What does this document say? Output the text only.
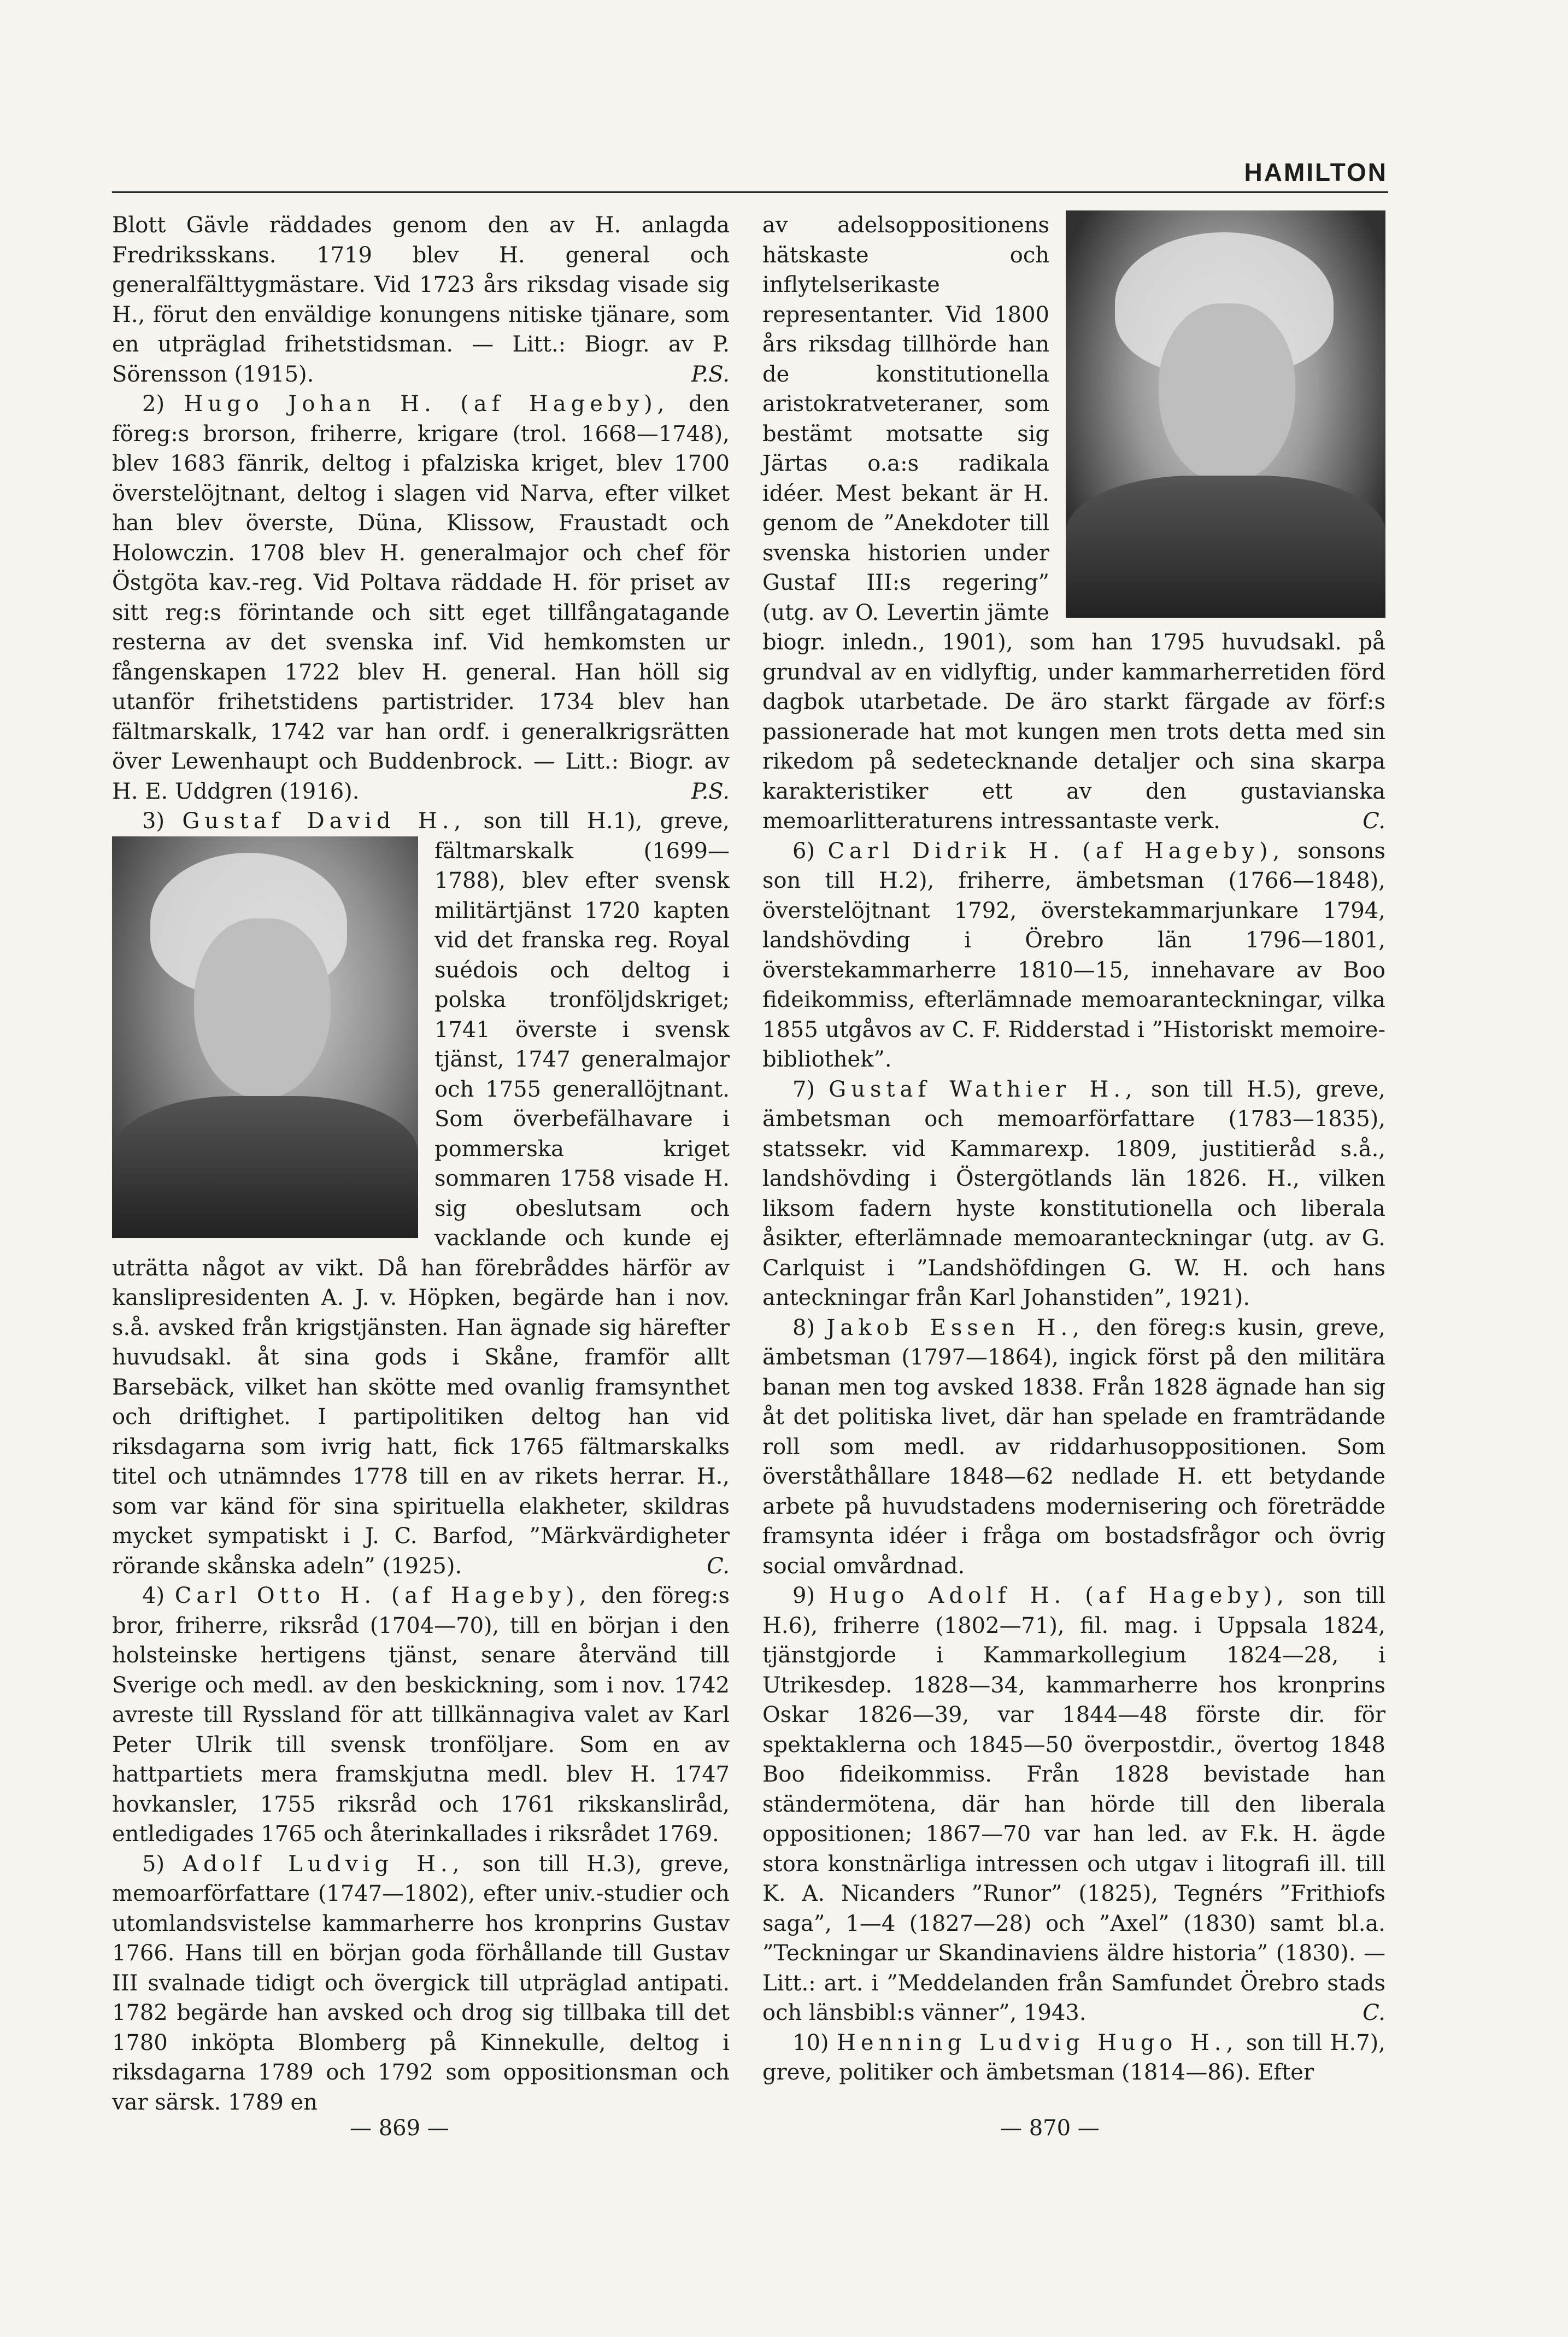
HAMILTON

Blott Gävle räddades genom den av H. anlagda Fredriksskans. 1719 blev H. general och generalfälttygmästare. Vid 1723 års riksdag visade sig H., förut den enväldige konungens nitiske tjänare, som en utpräglad frihetstidsman. — Litt.: Biogr. av P. Sörensson (1915).	P.S.

2) Hugo Johan H. (af Hageby), den föreg:s brorson, friherre, krigare (trol. 1668—1748), blev 1683 fänrik, deltog i pfalziska kriget, blev 1700 överstelöjtnant, deltog i slagen vid Narva, efter vilket han blev överste, Düna, Klissow, Fraustadt och Holowczin. 1708 blev H. generalmajor och chef för Östgöta kav.-reg. Vid Poltava räddade H. för priset av sitt reg:s förintande och sitt eget tillfångatagande resterna av det svenska inf. Vid hemkomsten ur fångenskapen 1722 blev H. general. Han höll sig utanför frihetstidens partistrider. 1734 blev han fältmarskalk, 1742 var han ordf. i generalkrigsrätten över Lewenhaupt och Buddenbrock. — Litt.: Biogr. av H. E. Uddgren (1916).	P.S.

3) Gustaf David H., son till H.1), greve, fältmarskalk (1699—1788), blev efter svensk militärtjänst 1720 kapten vid det franska reg. Royal suédois och deltog i polska tronföljdskriget; 1741 överste i svensk tjänst, 1747 generalmajor och 1755 generallöjtnant. Som överbefälhavare i pommerska kriget sommaren 1758 visade H. sig obeslutsam och vacklande och kunde ej uträtta något av vikt. Då han förebråddes härför av kanslipresidenten A. J. v. Höpken, begärde han i nov. s.å. avsked från krigstjänsten. Han ägnade sig härefter huvudsakl. åt sina gods i Skåne, framför allt Barsebäck, vilket han skötte med ovanlig framsynthet och driftighet. I partipolitiken deltog han vid riksdagarna som ivrig hatt, fick 1765 fältmarskalks titel och utnämndes 1778 till en av rikets herrar. H., som var känd för sina spirituella elakheter, skildras mycket sympatiskt i J. C. Barfod, ”Märkvärdigheter rörande skånska adeln” (1925).	C.

4) Carl Otto H. (af Hageby), den föreg:s bror, friherre, riksråd (1704—70), till en början i den holsteinske hertigens tjänst, senare återvänd till Sverige och medl. av den beskickning, som i nov. 1742 avreste till Ryssland för att tillkännagiva valet av Karl Peter Ulrik till svensk tronföljare. Som en av hattpartiets mera framskjutna medl. blev H. 1747 hovkansler, 1755 riksråd och 1761 rikskansliråd, entledigades 1765 och återinkallades i riksrådet 1769.

5) Adolf Ludvig H., son till H.3), greve, memoarförfattare (1747—1802), efter univ.-studier och utomlandsvistelse kammarherre hos kronprins Gustav 1766. Hans till en början goda förhållande till Gustav III svalnade tidigt och övergick till utpräglad antipati. 1782 begärde han avsked och drog sig tillbaka till det 1780 inköpta Blomberg på Kinnekulle, deltog i riksdagarna 1789 och 1792 som oppositionsman och var särsk. 1789 en

av adelsoppositionens hätskaste och inflytelserikaste representanter. Vid 1800 års riksdag tillhörde han de konstitutionella aristokratveteraner, som bestämt motsatte sig Järtas o.a:s radikala idéer. Mest bekant är H. genom de ”Anekdoter till svenska historien under Gustaf III:s regering” (utg. av O. Levertin jämte biogr. inledn., 1901), som han 1795 huvudsakl. på grundval av en vidlyftig, under kammarherretiden förd dagbok utarbetade. De äro starkt färgade av förf:s passionerade hat mot kungen men trots detta med sin rikedom på sedetecknande detaljer och sina skarpa karakteristiker ett av den gustavianska memoarlitteraturens intressantaste verk.	C.

6) Carl Didrik H. (af Hageby), sonsons son till H.2), friherre, ämbetsman (1766—1848), överstelöjtnant 1792, överstekammarjunkare 1794, landshövding i Örebro län 1796—1801, överstekammarherre 1810—15, innehavare av Boo fideikommiss, efterlämnade memoaranteckningar, vilka 1855 utgåvos av C. F. Ridderstad i ”Historiskt memoire-bibliothek”.

7) Gustaf Wathier H., son till H.5), greve, ämbetsman och memoarförfattare (1783—1835), statssekr. vid Kammarexp. 1809, justitieråd s.å., landshövding i Östergötlands län 1826. H., vilken liksom fadern hyste konstitutionella och liberala åsikter, efterlämnade memoaranteckningar (utg. av G. Carlquist i ”Landshöfdingen G. W. H. och hans anteckningar från Karl Johanstiden”, 1921).

8) Jakob Essen H., den föreg:s kusin, greve, ämbetsman (1797—1864), ingick först på den militära banan men tog avsked 1838. Från 1828 ägnade han sig åt det politiska livet, där han spelade en framträdande roll som medl. av riddarhusoppositionen. Som överståthållare 1848—62 nedlade H. ett betydande arbete på huvudstadens modernisering och företrädde framsynta idéer i fråga om bostadsfrågor och övrig social omvårdnad.

9) Hugo Adolf H. (af Hageby), son till H.6), friherre (1802—71), fil. mag. i Uppsala 1824, tjänstgjorde i Kammarkollegium 1824—28, i Utrikesdep. 1828—34, kammarherre hos kronprins Oskar 1826—39, var 1844—48 förste dir. för spektaklerna och 1845—50 överpostdir., övertog 1848 Boo fideikommiss. Från 1828 bevistade han ständermötena, där han hörde till den liberala oppositionen; 1867—70 var han led. av F.k. H. ägde stora konstnärliga intressen och utgav i litografi ill. till K. A. Nicanders ”Runor” (1825), Tegnérs ”Frithiofs saga”, 1—4 (1827—28) och ”Axel” (1830) samt bl.a. ”Teckningar ur Skandinaviens äldre historia” (1830). — Litt.: art. i ”Meddelanden från Samfundet Örebro stads och länsbibl:s vänner”, 1943.	C.

10) Henning Ludvig Hugo H., son till H.7), greve, politiker och ämbetsman (1814—86). Efter

— 869 —	— 870 —
